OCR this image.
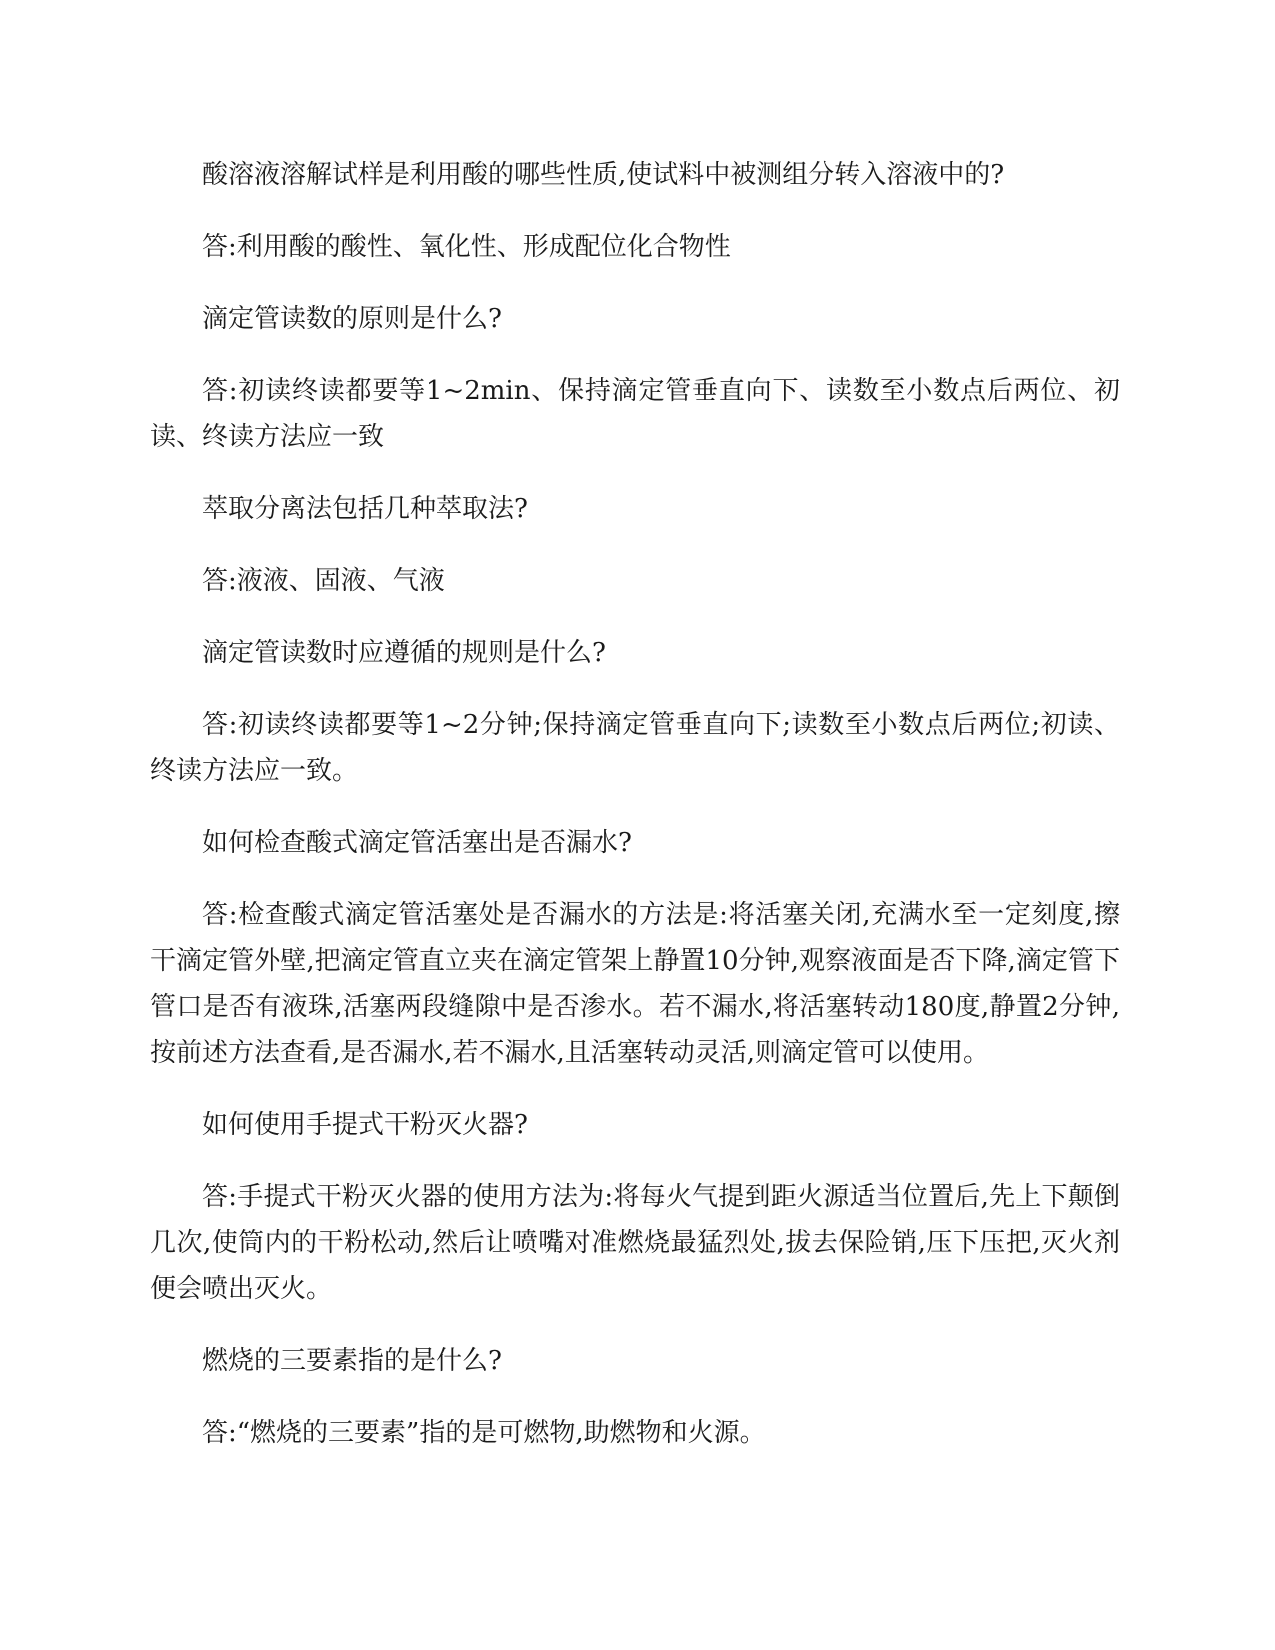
酸溶液溶解试样是利用酸的哪些性质,使试料中被测组分转入溶液中的?

答:利用酸的酸性、氧化性、形成配位化合物性

滴定管读数的原则是什么?

答:初读终读都要等1~2min、保持滴定管垂直向下、读数至小数点后两位、初读、终读方法应一致

萃取分离法包括几种萃取法?

答:液液、固液、气液

滴定管读数时应遵循的规则是什么?

答:初读终读都要等1~2分钟;保持滴定管垂直向下;读数至小数点后两位;初读、终读方法应一致。

如何检查酸式滴定管活塞出是否漏水?

答:检查酸式滴定管活塞处是否漏水的方法是:将活塞关闭,充满水至一定刻度,擦干滴定管外壁,把滴定管直立夹在滴定管架上静置10分钟,观察液面是否下降,滴定管下管口是否有液珠,活塞两段缝隙中是否渗水。若不漏水,将活塞转动180度,静置2分钟,按前述方法查看,是否漏水,若不漏水,且活塞转动灵活,则滴定管可以使用。

如何使用手提式干粉灭火器?

答:手提式干粉灭火器的使用方法为:将每火气提到距火源适当位置后,先上下颠倒几次,使筒内的干粉松动,然后让喷嘴对准燃烧最猛烈处,拔去保险销,压下压把,灭火剂便会喷出灭火。

燃烧的三要素指的是什么?

答:“燃烧的三要素”指的是可燃物,助燃物和火源。
